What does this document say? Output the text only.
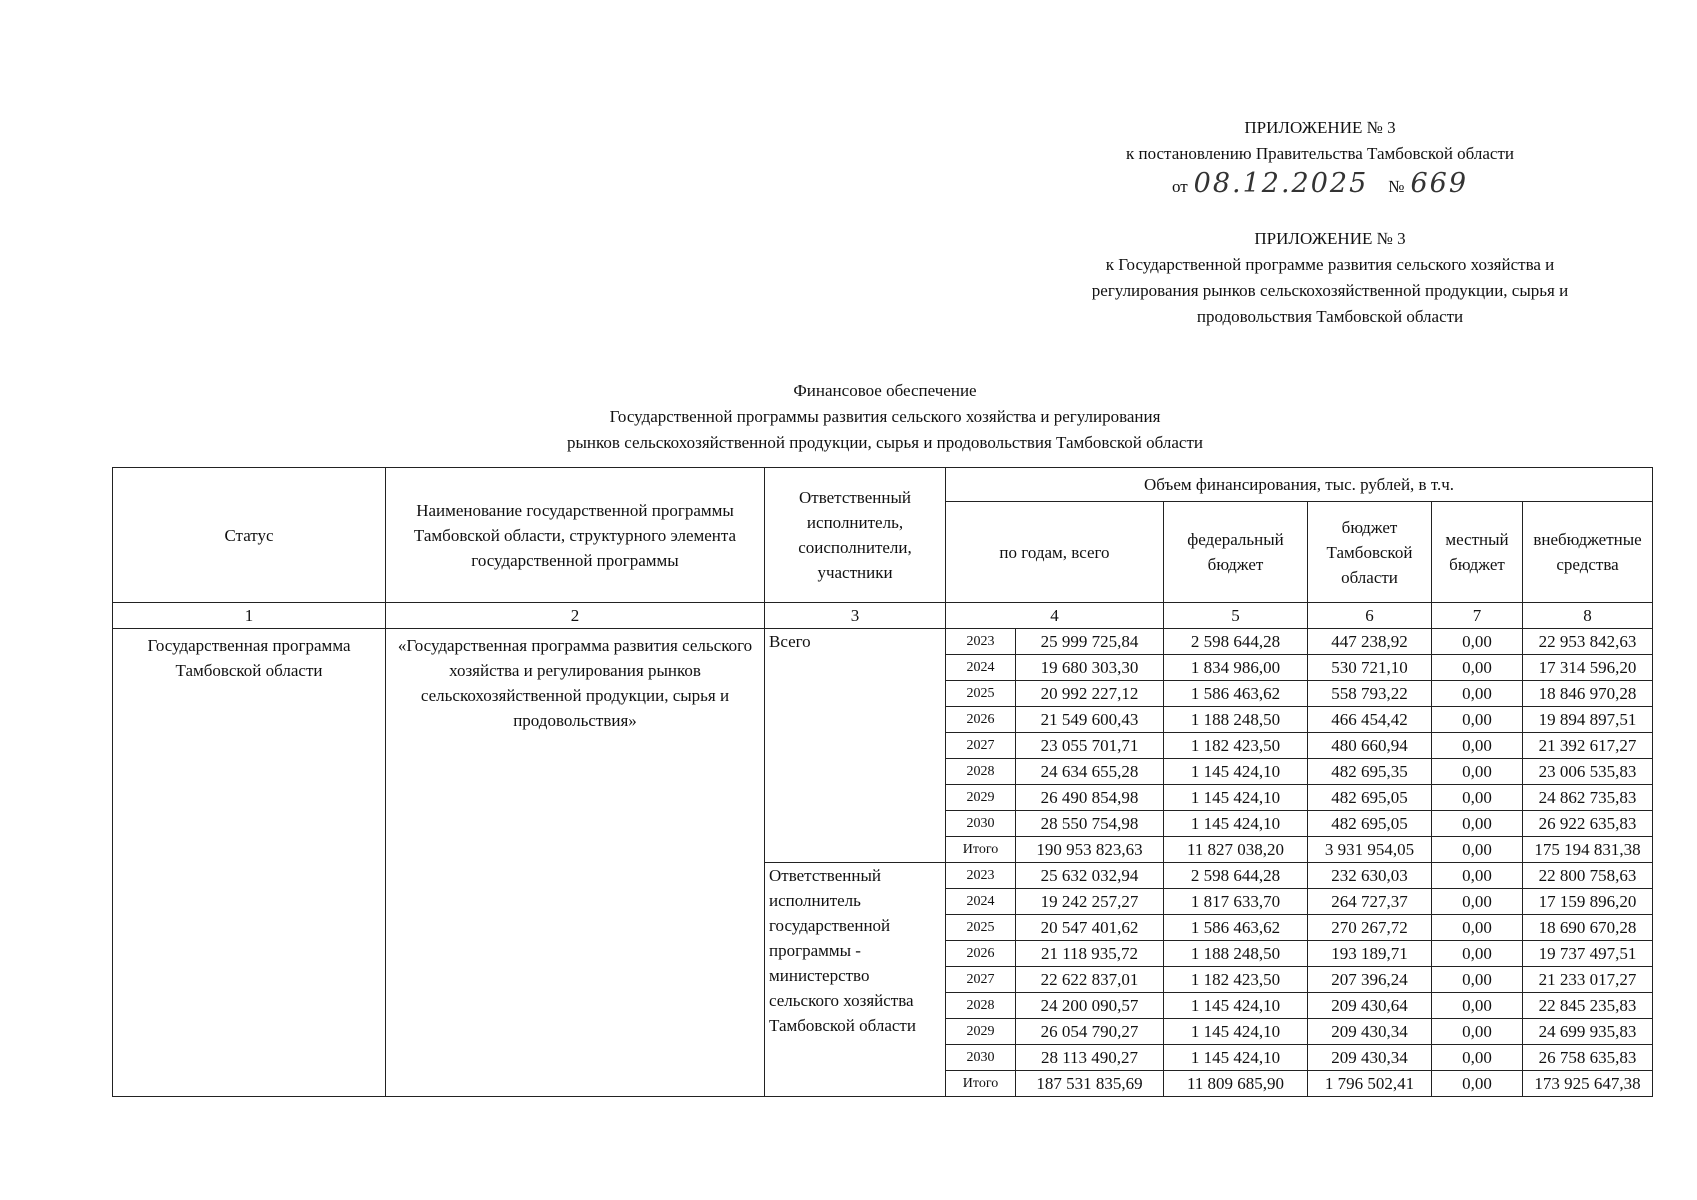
ПРИЛОЖЕНИЕ № 3
к постановлению Правительства Тамбовской области
от 08.12.2025 № 669
ПРИЛОЖЕНИЕ № 3
к Государственной программе развития сельского хозяйства и
регулирования рынков сельскохозяйственной продукции, сырья и
продовольствия Тамбовской области
Финансовое обеспечение
Государственной программы развития сельского хозяйства и регулирования
рынков сельскохозяйственной продукции, сырья и продовольствия Тамбовской области
Статус	Наименование государственной программы Тамбовской области, структурного элемента государственной программы	Ответственный исполнитель, соисполнители, участники	Объем финансирования, тыс. рублей, в т.ч.					
			по годам, всего		федеральный бюджет	бюджет Тамбовской области	местный бюджет	внебюджетные средства
1	2	3	4		5	6	7	8
Государственная программа Тамбовской области	«Государственная программа развития сельского хозяйства и регулирования рынков сельскохозяйственной продукции, сырья и продовольствия»	Всего	2023	25 999 725,84	2 598 644,28	447 238,92	0,00	22 953 842,63
			2024	19 680 303,30	1 834 986,00	530 721,10	0,00	17 314 596,20
			2025	20 992 227,12	1 586 463,62	558 793,22	0,00	18 846 970,28
			2026	21 549 600,43	1 188 248,50	466 454,42	0,00	19 894 897,51
			2027	23 055 701,71	1 182 423,50	480 660,94	0,00	21 392 617,27
			2028	24 634 655,28	1 145 424,10	482 695,35	0,00	23 006 535,83
			2029	26 490 854,98	1 145 424,10	482 695,05	0,00	24 862 735,83
			2030	28 550 754,98	1 145 424,10	482 695,05	0,00	26 922 635,83
			Итого	190 953 823,63	11 827 038,20	3 931 954,05	0,00	175 194 831,38
		Ответственный исполнитель государственной программы - министерство сельского хозяйства Тамбовской области	2023	25 632 032,94	2 598 644,28	232 630,03	0,00	22 800 758,63
			2024	19 242 257,27	1 817 633,70	264 727,37	0,00	17 159 896,20
			2025	20 547 401,62	1 586 463,62	270 267,72	0,00	18 690 670,28
			2026	21 118 935,72	1 188 248,50	193 189,71	0,00	19 737 497,51
			2027	22 622 837,01	1 182 423,50	207 396,24	0,00	21 233 017,27
			2028	24 200 090,57	1 145 424,10	209 430,64	0,00	22 845 235,83
			2029	26 054 790,27	1 145 424,10	209 430,34	0,00	24 699 935,83
			2030	28 113 490,27	1 145 424,10	209 430,34	0,00	26 758 635,83
			Итого	187 531 835,69	11 809 685,90	1 796 502,41	0,00	173 925 647,38
